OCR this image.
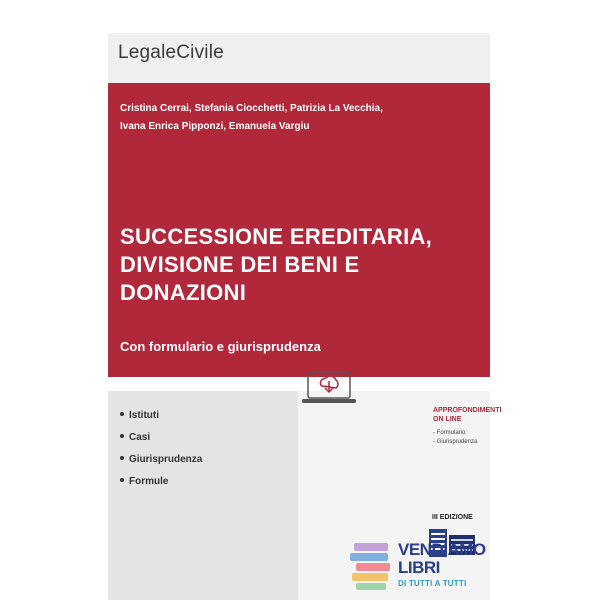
LegaleCivile
Cristina Cerrai, Stefania Ciocchetti, Patrizia La Vecchia,
Ivana Enrica Pipponzi, Emanuela Vargiu
SUCCESSIONE EREDITARIA,
DIVISIONE DEI BENI E DONAZIONI
Con formulario e giurisprudenza
Istituti
Casi
Giurisprudenza
Formule
APPROFONDIMENTI
ON LINE
- Formulario
- Giurisprudenza
III EDIZIONE
VENDIAMO
LIBRI
DI TUTTI A TUTTI
